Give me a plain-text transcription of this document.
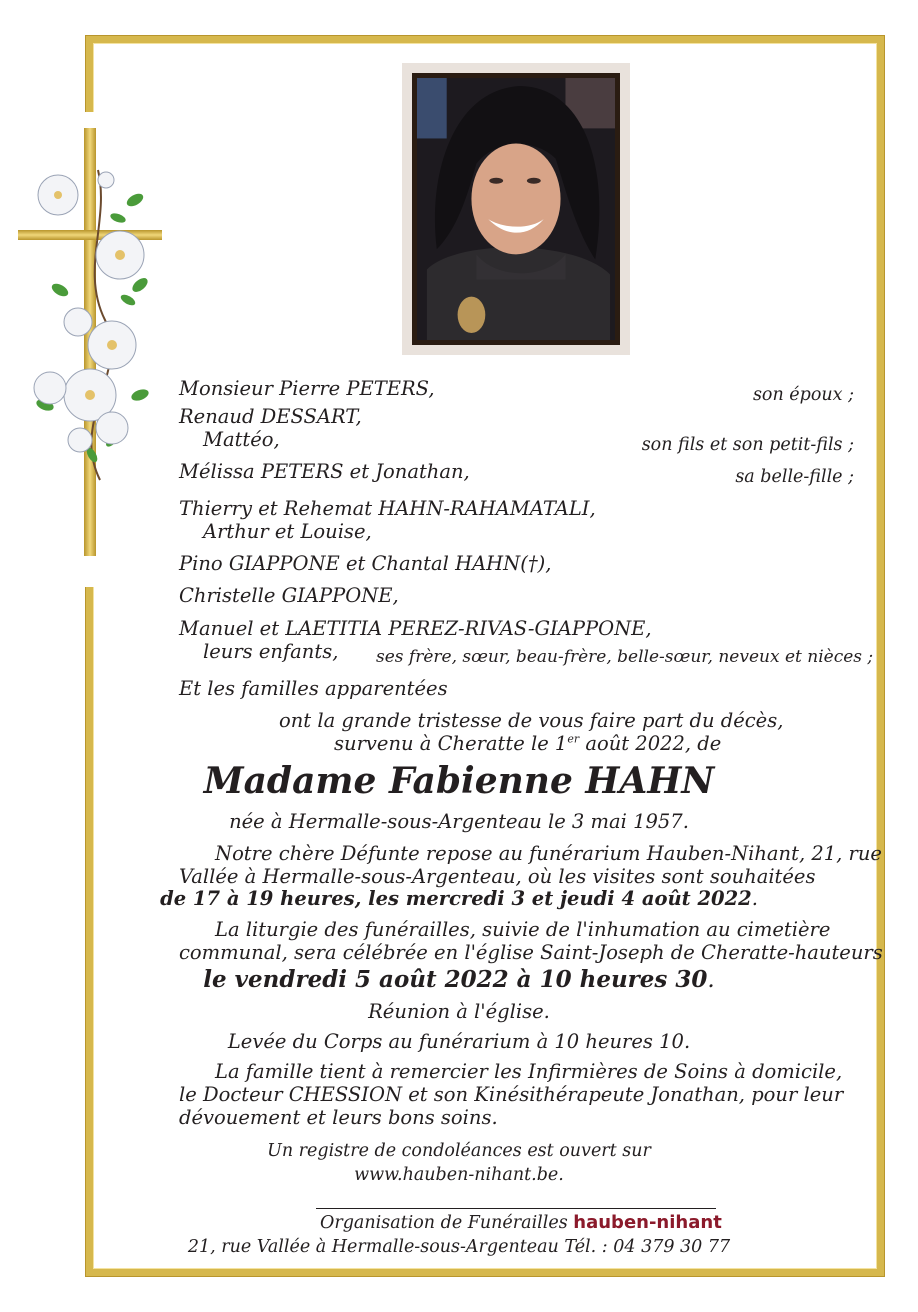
Monsieur Pierre PETERS,
Renaud DESSART,
Mattéo,
Mélissa PETERS et Jonathan,
Thierry et Rehemat HAHN-RAHAMATALI,
Arthur et Louise,
Pino GIAPPONE et Chantal HAHN(†),
Christelle GIAPPONE,
Manuel et LAETITIA PEREZ-RIVAS-GIAPPONE,
leurs enfants,
Et les familles apparentées
son époux ;
son fils et son petit-fils ;
sa belle-fille ;
ses frère, sœur, beau-frère, belle-sœur, neveux et nièces ;
ont la grande tristesse de vous faire part du décès,
survenu à Cheratte le 1er août 2022, de
Madame Fabienne HAHN
née à Hermalle-sous-Argenteau le 3 mai 1957.
Notre chère Défunte repose au funérarium Hauben-Nihant, 21, rue
Vallée à Hermalle-sous-Argenteau, où les visites sont souhaitées
de 17 à 19 heures, les mercredi 3 et jeudi 4 août 2022.
La liturgie des funérailles, suivie de l'inhumation au cimetière
communal, sera célébrée en l'église Saint-Joseph de Cheratte-hauteurs
le vendredi 5 août 2022 à 10 heures 30.
Réunion à l'église.
Levée du Corps au funérarium à 10 heures 10.
La famille tient à remercier les Infirmières de Soins à domicile,
le Docteur CHESSION et son Kinésithérapeute Jonathan, pour leur
dévouement et leurs bons soins.
Un registre de condoléances est ouvert sur
www.hauben-nihant.be.
Organisation de Funérailles hauben-nihant
21, rue Vallée à Hermalle-sous-Argenteau Tél. : 04 379 30 77
